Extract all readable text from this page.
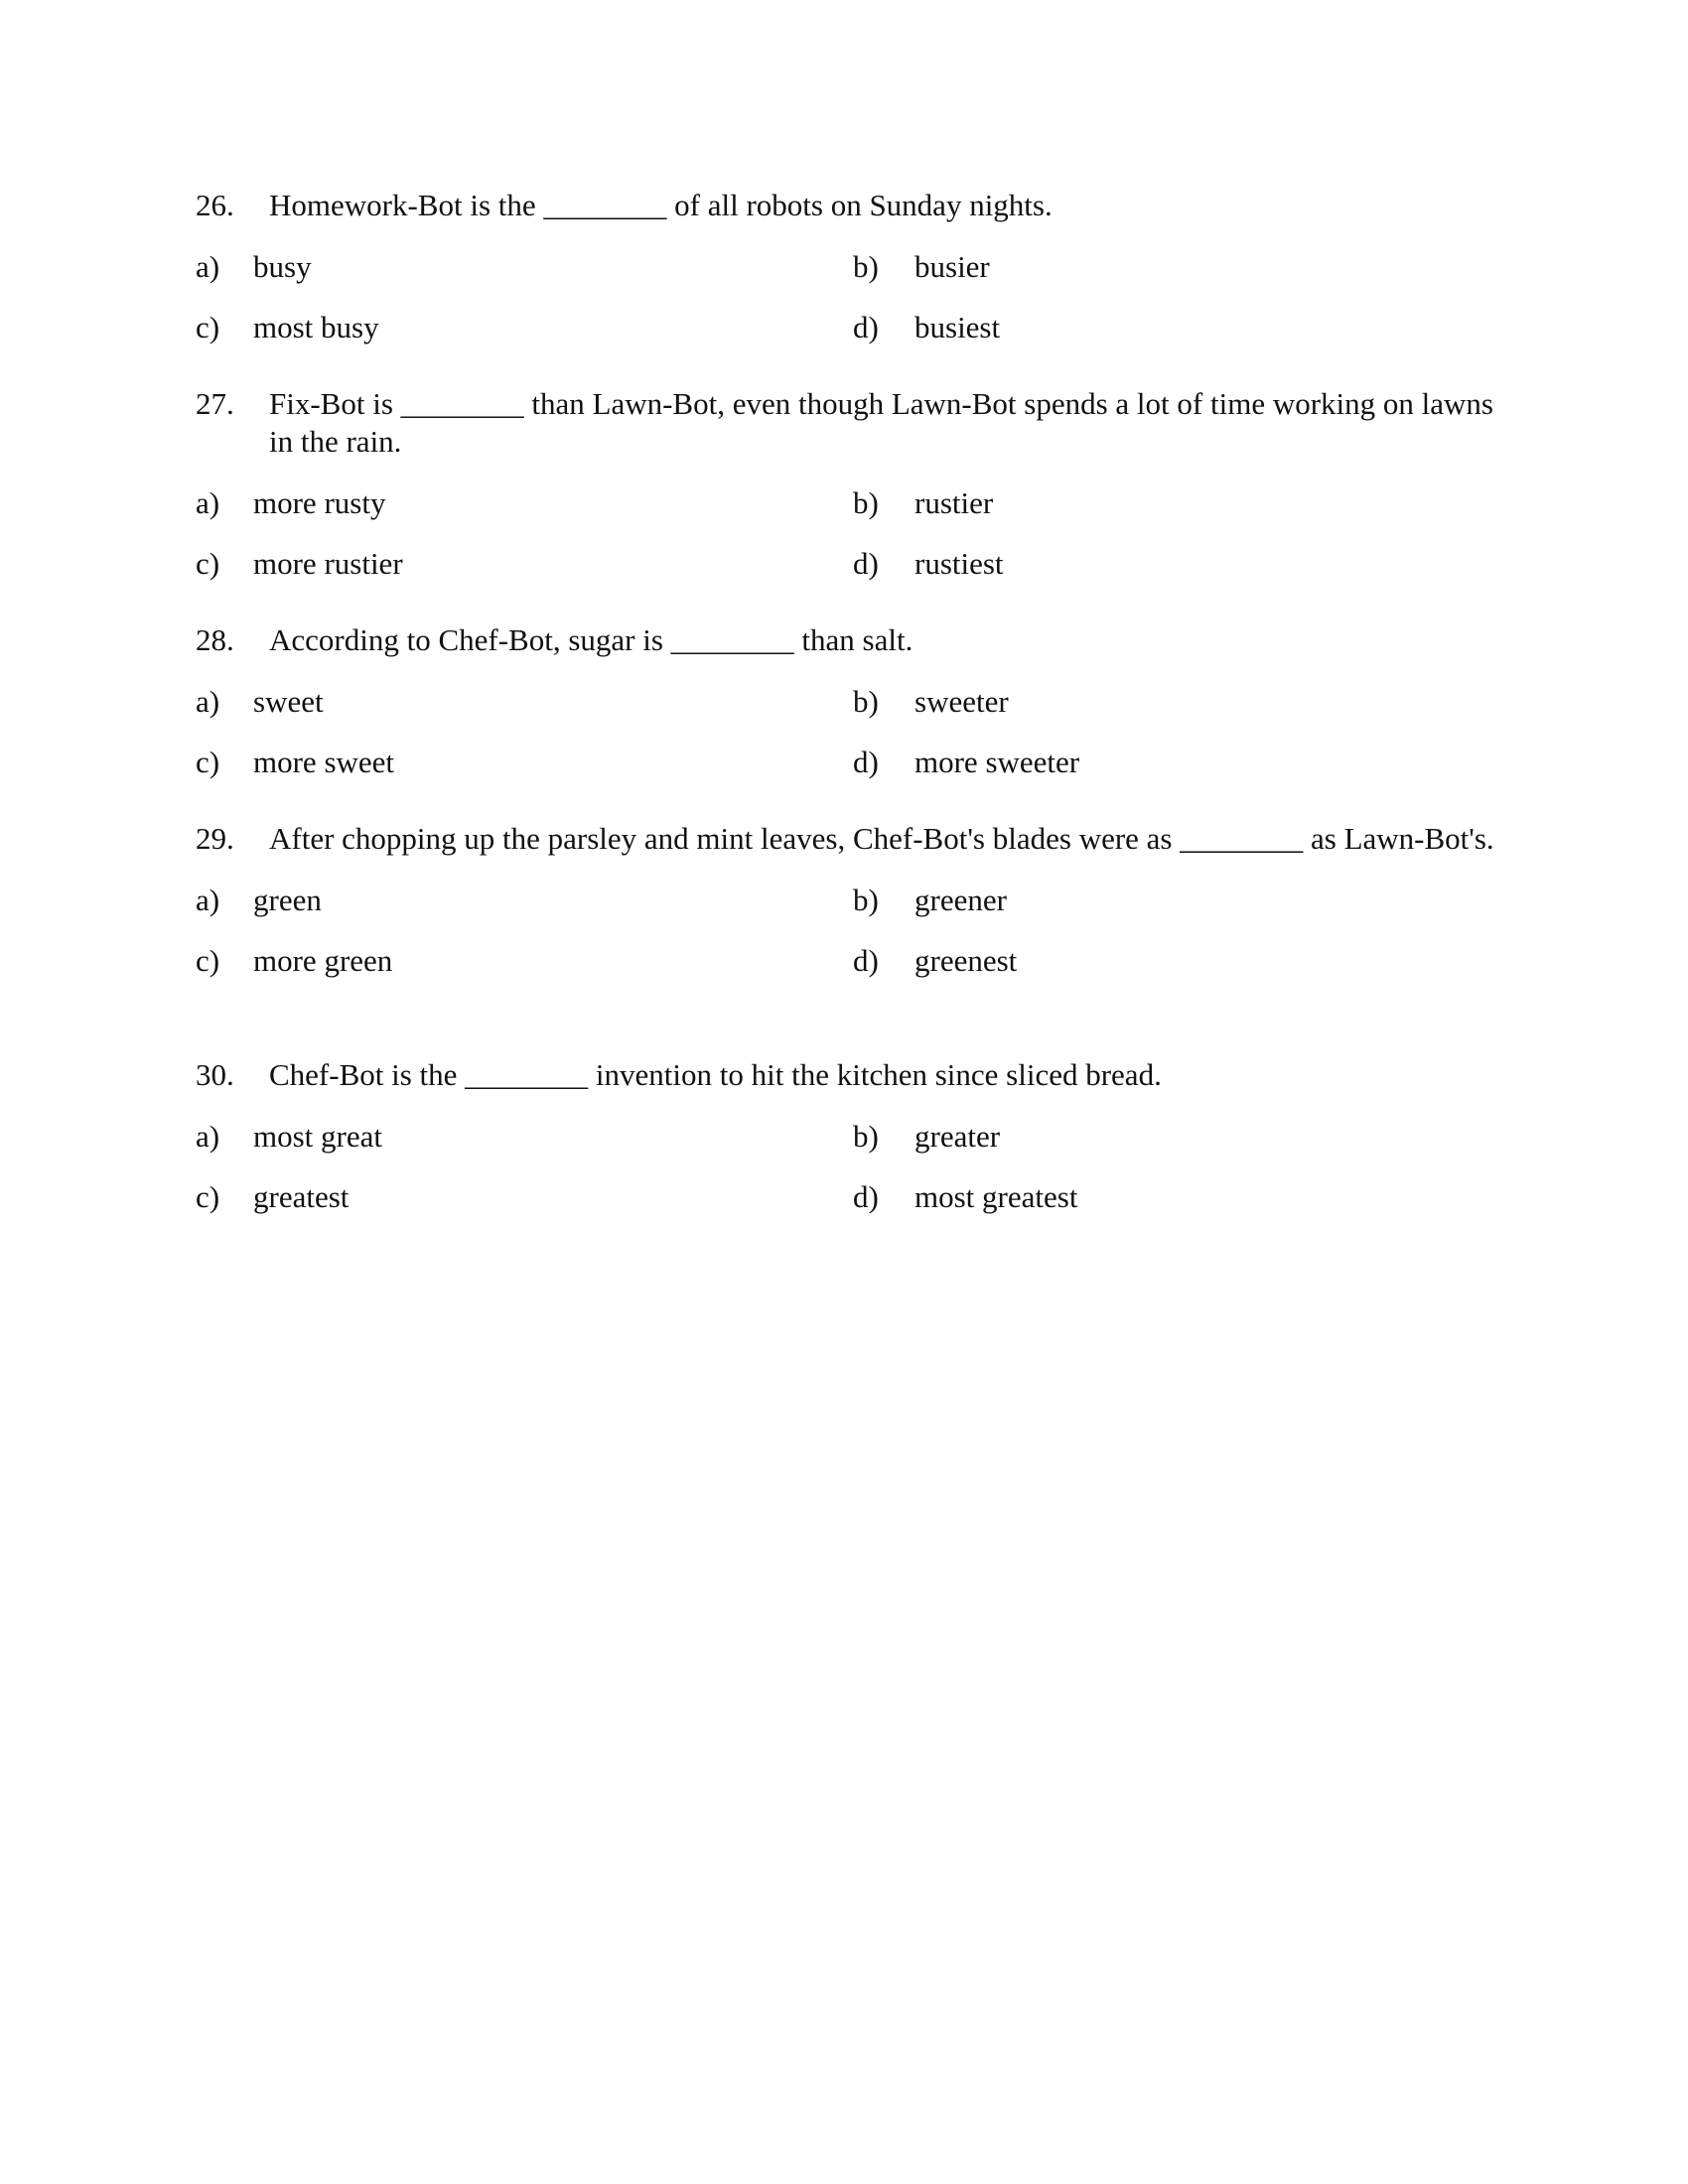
26.	Homework-Bot is the ________ of all robots on Sunday nights.
a)	busy	b)	busier
c)	most busy	d)	busiest
27.	Fix-Bot is ________ than Lawn-Bot, even though Lawn-Bot spends a lot of time working on lawns in the rain.
a)	more rusty	b)	rustier
c)	more rustier	d)	rustiest
28.	According to Chef-Bot, sugar is ________ than salt.
a)	sweet	b)	sweeter
c)	more sweet	d)	more sweeter
29.	After chopping up the parsley and mint leaves, Chef-Bot's blades were as ________ as Lawn-Bot's.
a)	green	b)	greener
c)	more green	d)	greenest
30.	Chef-Bot is the ________ invention to hit the kitchen since sliced bread.
a)	most great	b)	greater
c)	greatest	d)	most greatest
